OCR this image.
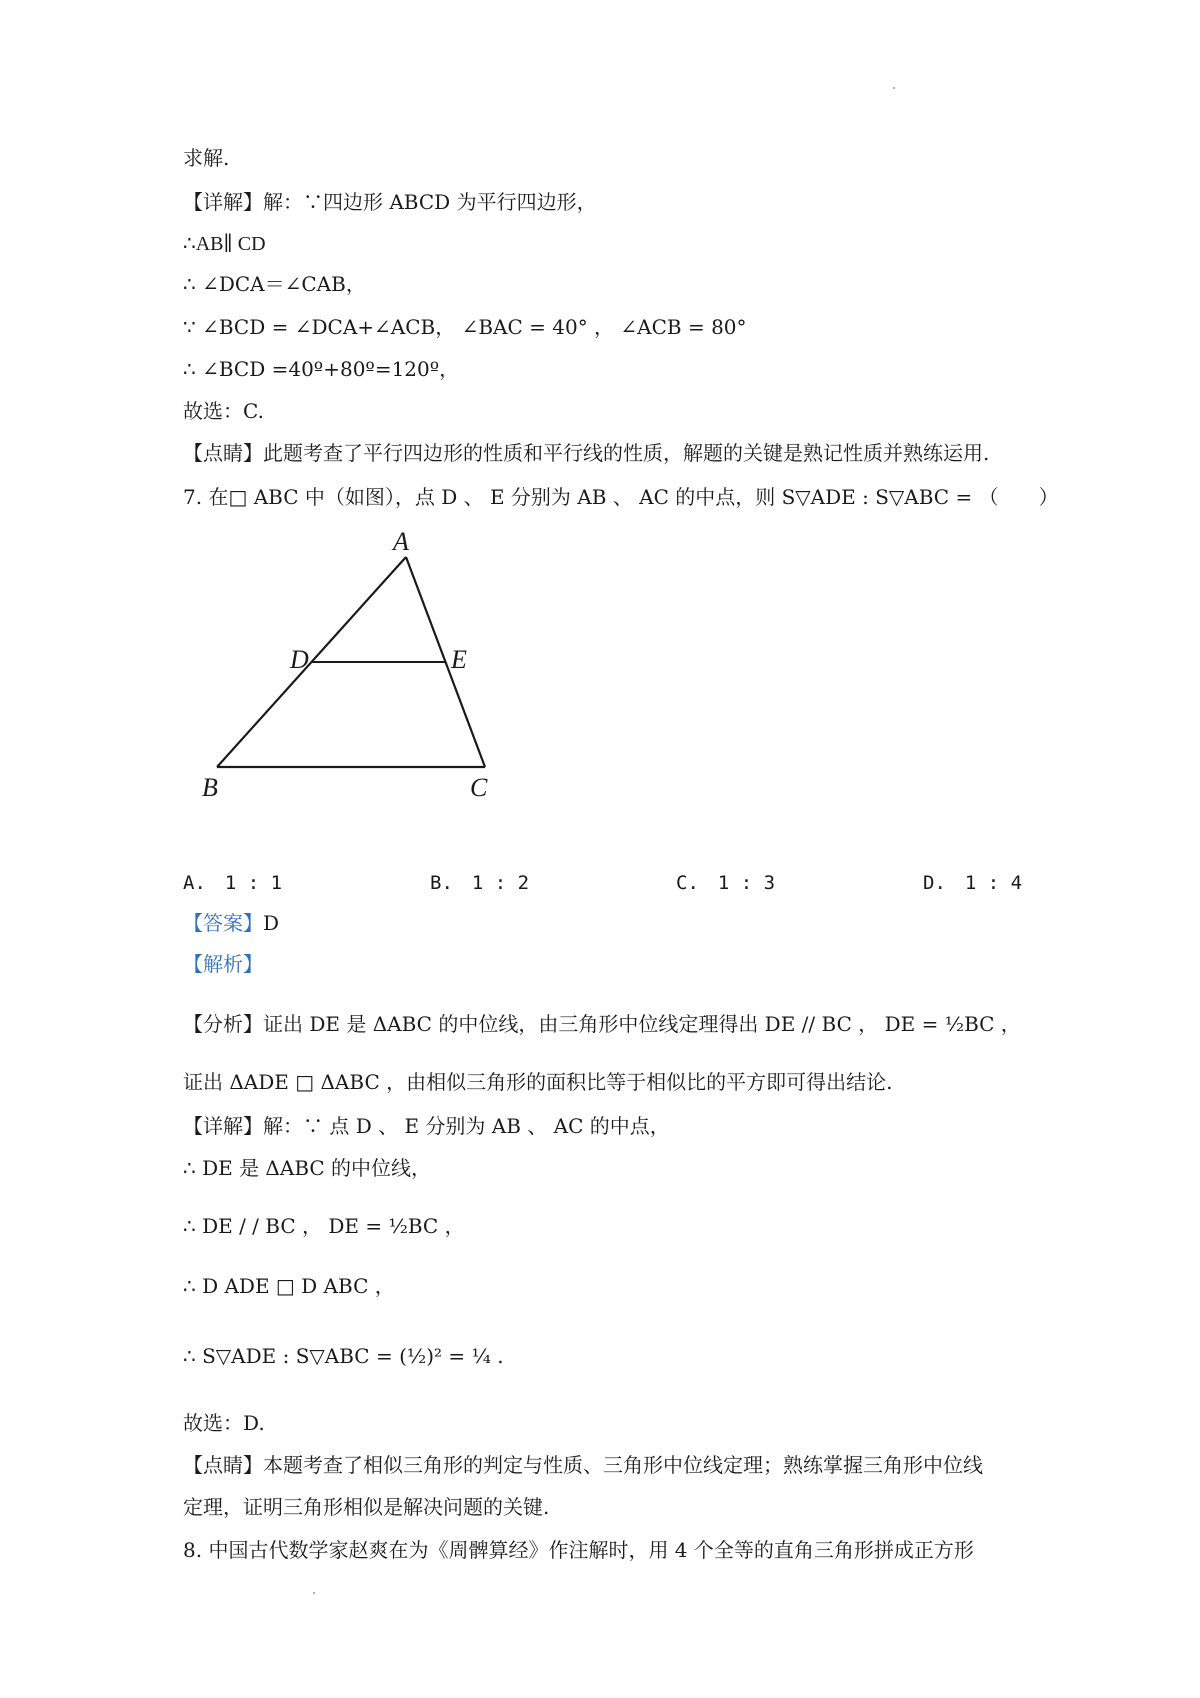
求解.
【详解】解：∵四边形 ABCD 为平行四边形，
∴AB∥ CD
∴ ∠DCA＝∠CAB，
∵ ∠BCD = ∠DCA+∠ACB， ∠BAC = 40° ， ∠ACB = 80°
∴ ∠BCD =40º+80º=120º，
故选：C.
【点睛】此题考查了平行四边形的性质和平行线的性质，解题的关键是熟记性质并熟练运用.
7. 在□ ABC 中（如图），点 D 、 E 分别为 AB 、 AC 的中点，则 S▽ADE : S▽ABC = （　　）
A
D	E
B	C
A.　1 : 1	B.　1 : 2	C.　1 : 3	D.　1 : 4
【答案】D
【解析】
【分析】证出 DE 是 ΔABC 的中位线，由三角形中位线定理得出 DE // BC ， DE = ½BC ，
证出 ΔADE □ ΔABC ，由相似三角形的面积比等于相似比的平方即可得出结论.
【详解】解：∵ 点 D 、 E 分别为 AB 、 AC 的中点，
∴ DE 是 ΔABC 的中位线，
∴ DE / / BC ， DE = ½BC ，
∴ D ADE □ D ABC ，
∴ S▽ADE : S▽ABC = (½)² = ¼ .
故选：D.
【点睛】本题考查了相似三角形的判定与性质、三角形中位线定理；熟练掌握三角形中位线
定理，证明三角形相似是解决问题的关键.
8. 中国古代数学家赵爽在为《周髀算经》作注解时，用 4 个全等的直角三角形拼成正方形
